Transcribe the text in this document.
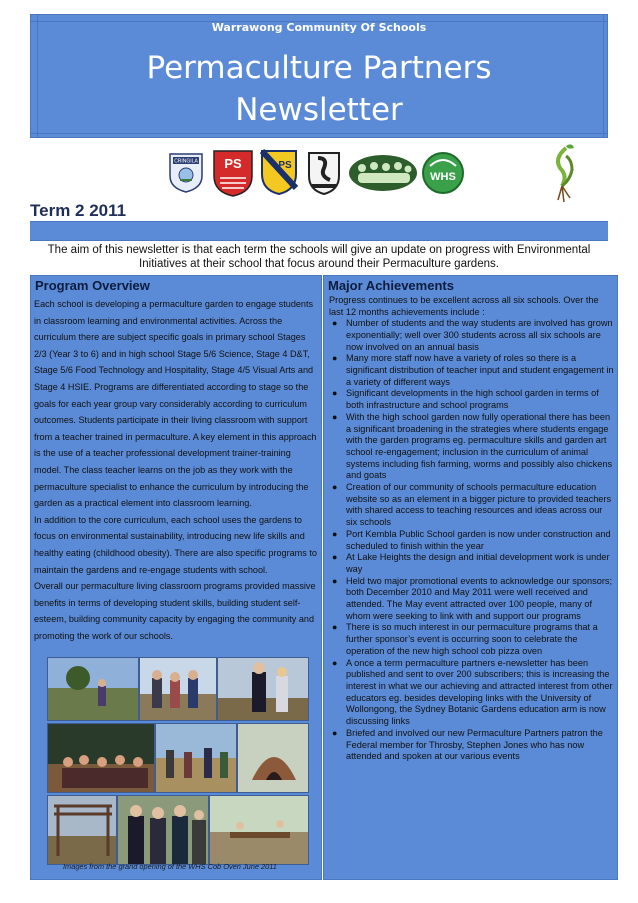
Warrawong Community Of Schools
Permaculture Partners
Newsletter
CRINGILA PS	PS
WHS
Term 2 2011
The aim of this newsletter is that each term the schools will give an update on progress with Environmental Initiatives at their school that focus around their Permaculture gardens.
Program Overview

Each school is developing a permaculture garden to engage students in classroom learning and environmental activities. Across the curriculum there are subject specific goals in primary school Stages 2/3 (Year 3 to 6) and in high school Stage 5/6 Science, Stage 4 D&T, Stage 5/6 Food Technology and Hospitality, Stage 4/5 Visual Arts and Stage 4 HSIE. Programs are differentiated according to stage so the goals for each year group vary considerably according to curriculum outcomes. Students participate in their living classroom with support from a teacher trained in permaculture. A key element in this approach is the use of a teacher professional development trainer-training model. The class teacher learns on the job as they work with the permaculture specialist to enhance the curriculum by introducing the garden as a practical element into classroom learning.

In addition to the core curriculum, each school uses the gardens to focus on environmental sustainability, introducing new life skills and healthy eating (childhood obesity). There are also specific programs to maintain the gardens and re-engage students with school.

Overall our permaculture living classroom programs provided massive benefits in terms of developing student skills, building student self-esteem, building community capacity by engaging the community and promoting the work of our schools.

Images from the grand opening of the WHS Cob Oven June 2011
Major Achievements
Progress continues to be excellent across all six schools. Over the last 12 months achievements include :
● Number of students and the way students are involved has grown exponentially; well over 300 students across all six schools are now involved on an annual basis
● Many more staff now have a variety of roles so there is a significant distribution of teacher input and student engagement in a variety of different ways
● Significant developments in the high school garden in terms of both infrastructure and school programs
● With the high school garden now fully operational there has been a significant broadening in the strategies where students engage with the garden programs eg. permaculture skills and garden art school re-engagement; inclusion in the curriculum of animal systems including fish farming, worms and possibly also chickens and goats
● Creation of our community of schools permaculture education website so as an element in a bigger picture to provided teachers with shared access to teaching resources and ideas across our six schools
● Port Kembla Public School garden is now under construction and scheduled to finish within the year
● At Lake Heights the design and initial development work is under way
● Held two major promotional events to acknowledge our sponsors; both December 2010 and May 2011 were well received and attended. The May event attracted over 100 people, many of whom were seeking to link with and support our programs
● There is so much interest in our permaculture programs that a further sponsor’s event is occurring soon to celebrate the operation of the new high school cob pizza oven
● A once a term permaculture partners e-newsletter has been published and sent to over 200 subscribers; this is increasing the interest in what we our achieving and attracted interest from other educators eg. besides developing links with the University of Wollongong, the Sydney Botanic Gardens education arm is now discussing links
● Briefed and involved our new Permaculture Partners patron the Federal member for Throsby, Stephen Jones who has now attended and spoken at our various events
